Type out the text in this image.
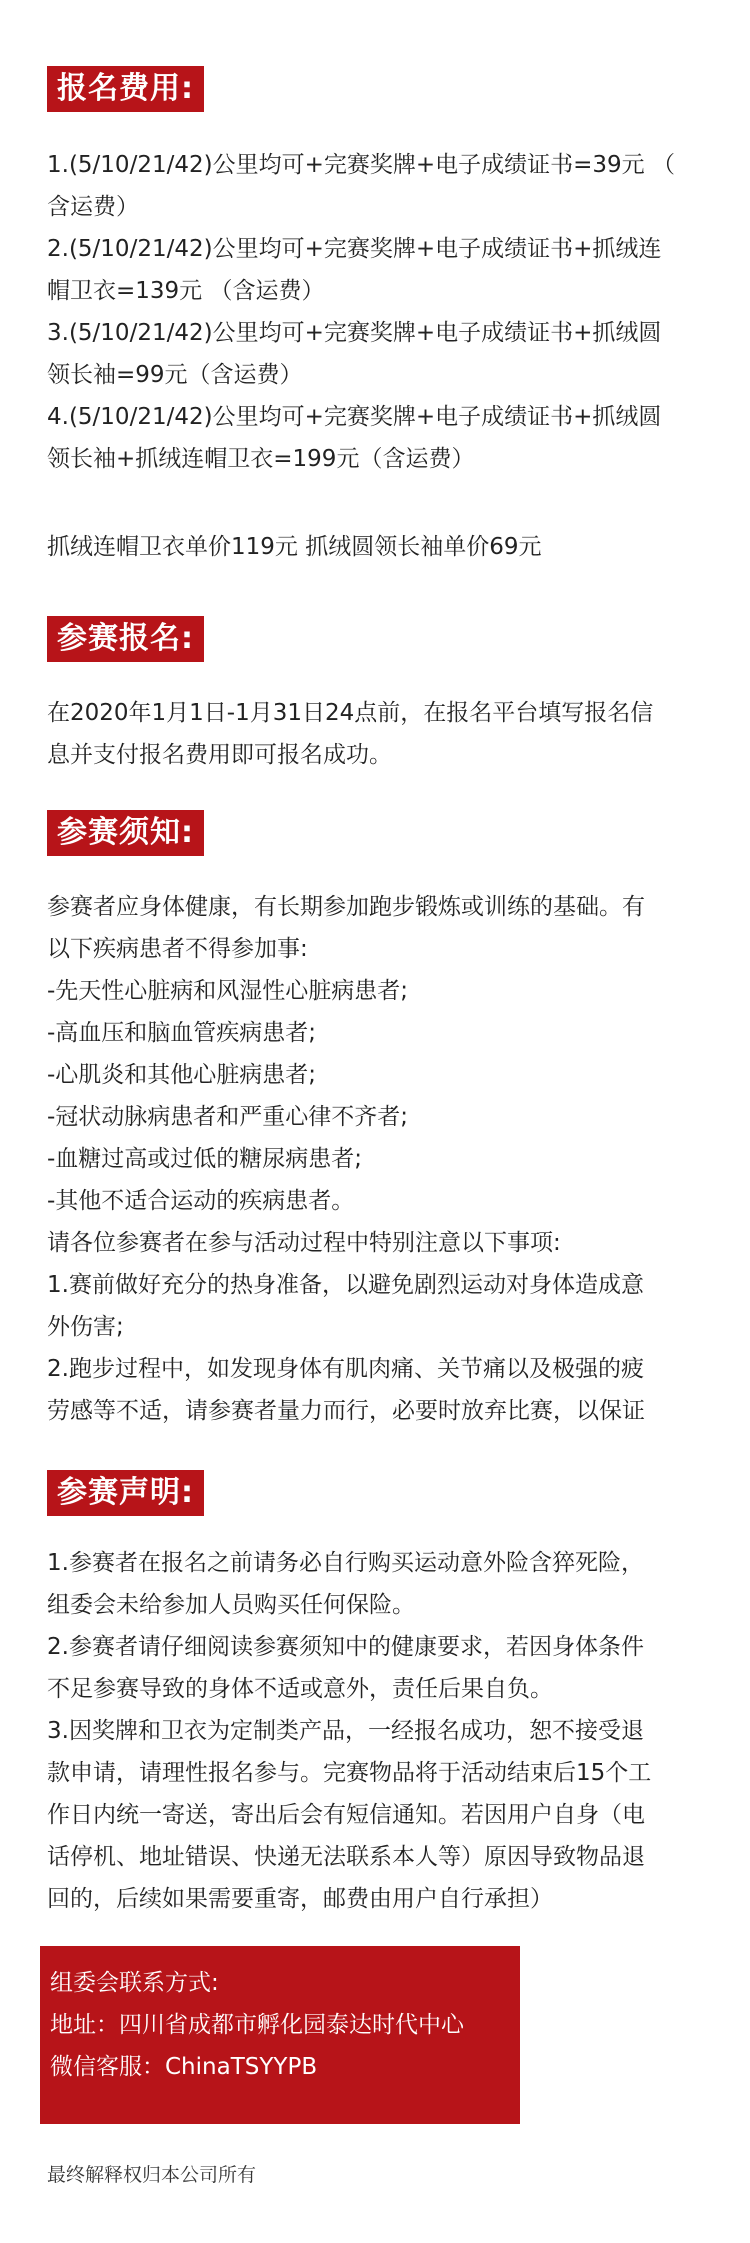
报名费用:
1.(5/10/21/42)公里均可+完赛奖牌+电子成绩证书=39元 （
含运费）
2.(5/10/21/42)公里均可+完赛奖牌+电子成绩证书+抓绒连
帽卫衣=139元 （含运费）
3.(5/10/21/42)公里均可+完赛奖牌+电子成绩证书+抓绒圆
领长袖=99元（含运费）
4.(5/10/21/42)公里均可+完赛奖牌+电子成绩证书+抓绒圆
领长袖+抓绒连帽卫衣=199元（含运费）
抓绒连帽卫衣单价119元 抓绒圆领长袖单价69元
参赛报名:
在2020年1月1日-1月31日24点前，在报名平台填写报名信
息并支付报名费用即可报名成功。
参赛须知:
参赛者应身体健康，有长期参加跑步锻炼或训练的基础。有
以下疾病患者不得参加事:
-先天性心脏病和风湿性心脏病患者;
-高血压和脑血管疾病患者;
-心肌炎和其他心脏病患者;
-冠状动脉病患者和严重心律不齐者;
-血糖过高或过低的糖尿病患者;
-其他不适合运动的疾病患者。
请各位参赛者在参与活动过程中特别注意以下事项:
1.赛前做好充分的热身准备，以避免剧烈运动对身体造成意
外伤害;
2.跑步过程中，如发现身体有肌肉痛、关节痛以及极强的疲
劳感等不适，请参赛者量力而行，必要时放弃比赛，以保证
参赛声明:
1.参赛者在报名之前请务必自行购买运动意外险含猝死险，
组委会未给参加人员购买任何保险。
2.参赛者请仔细阅读参赛须知中的健康要求，若因身体条件
不足参赛导致的身体不适或意外，责任后果自负。
3.因奖牌和卫衣为定制类产品，一经报名成功，恕不接受退
款申请，请理性报名参与。完赛物品将于活动结束后15个工
作日内统一寄送，寄出后会有短信通知。若因用户自身（电
话停机、地址错误、快递无法联系本人等）原因导致物品退
回的，后续如果需要重寄，邮费由用户自行承担）
组委会联系方式:
地址：四川省成都市孵化园泰达时代中心
微信客服：ChinaTSYYPB
最终解释权归本公司所有
